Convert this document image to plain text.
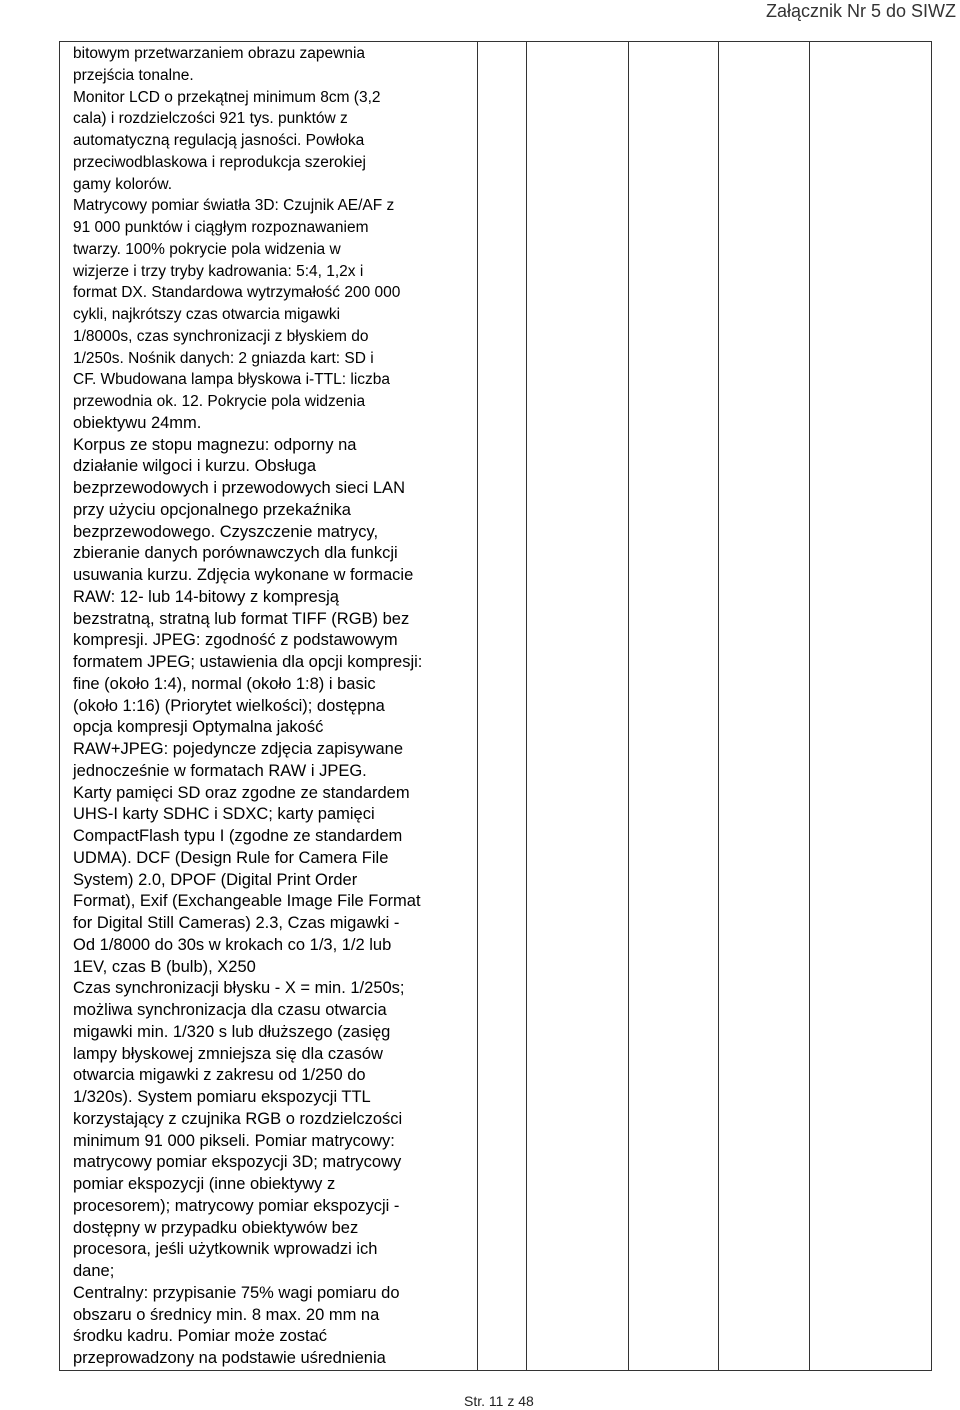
Załącznik Nr 5 do SIWZ
bitowym przetwarzaniem obrazu zapewnia
przejścia tonalne.
Monitor LCD o przekątnej minimum 8cm (3,2
cala) i rozdzielczości 921 tys. punktów z
automatyczną regulacją jasności. Powłoka
przeciwodblaskowa i reprodukcja szerokiej
gamy kolorów.
Matrycowy pomiar światła 3D: Czujnik AE/AF z
91 000 punktów i ciągłym rozpoznawaniem
twarzy. 100% pokrycie pola widzenia w
wizjerze i trzy tryby kadrowania: 5:4, 1,2x i
format DX. Standardowa wytrzymałość 200 000
cykli, najkrótszy czas otwarcia migawki
1/8000s, czas synchronizacji z błyskiem do
1/250s. Nośnik danych: 2 gniazda kart: SD i
CF. Wbudowana lampa błyskowa i-TTL: liczba
przewodnia ok. 12. Pokrycie pola widzenia
obiektywu 24mm.
Korpus ze stopu magnezu: odporny na
działanie wilgoci i kurzu. Obsługa
bezprzewodowych i przewodowych sieci LAN
przy użyciu opcjonalnego przekaźnika
bezprzewodowego. Czyszczenie matrycy,
zbieranie danych porównawczych dla funkcji
usuwania kurzu. Zdjęcia wykonane w formacie
RAW: 12- lub 14-bitowy z kompresją
bezstratną, stratną lub format TIFF (RGB) bez
kompresji. JPEG: zgodność z podstawowym
formatem JPEG; ustawienia dla opcji kompresji:
fine (około 1:4), normal (około 1:8) i basic
(około 1:16) (Priorytet wielkości); dostępna
opcja kompresji Optymalna jakość
RAW+JPEG: pojedyncze zdjęcia zapisywane
jednocześnie w formatach RAW i JPEG.
Karty pamięci SD oraz zgodne ze standardem
UHS-I karty SDHC i SDXC; karty pamięci
CompactFlash typu I (zgodne ze standardem
UDMA). DCF (Design Rule for Camera File
System) 2.0, DPOF (Digital Print Order
Format), Exif (Exchangeable Image File Format
for Digital Still Cameras) 2.3, Czas migawki -
Od 1/8000 do 30s w krokach co 1/3, 1/2 lub
1EV, czas B (bulb), X250
Czas synchronizacji błysku - X = min. 1/250s;
możliwa synchronizacja dla czasu otwarcia
migawki min. 1/320 s lub dłuższego (zasięg
lampy błyskowej zmniejsza się dla czasów
otwarcia migawki z zakresu od 1/250 do
1/320s). System pomiaru ekspozycji TTL
korzystający z czujnika RGB o rozdzielczości
minimum 91 000 pikseli. Pomiar matrycowy:
matrycowy pomiar ekspozycji 3D; matrycowy
pomiar ekspozycji (inne obiektywy z
procesorem); matrycowy pomiar ekspozycji -
dostępny w przypadku obiektywów bez
procesora, jeśli użytkownik wprowadzi ich
dane;
Centralny: przypisanie 75% wagi pomiaru do
obszaru o średnicy min. 8 max. 20 mm na
środku kadru. Pomiar może zostać
przeprowadzony na podstawie uśrednienia
Str. 11 z 48
